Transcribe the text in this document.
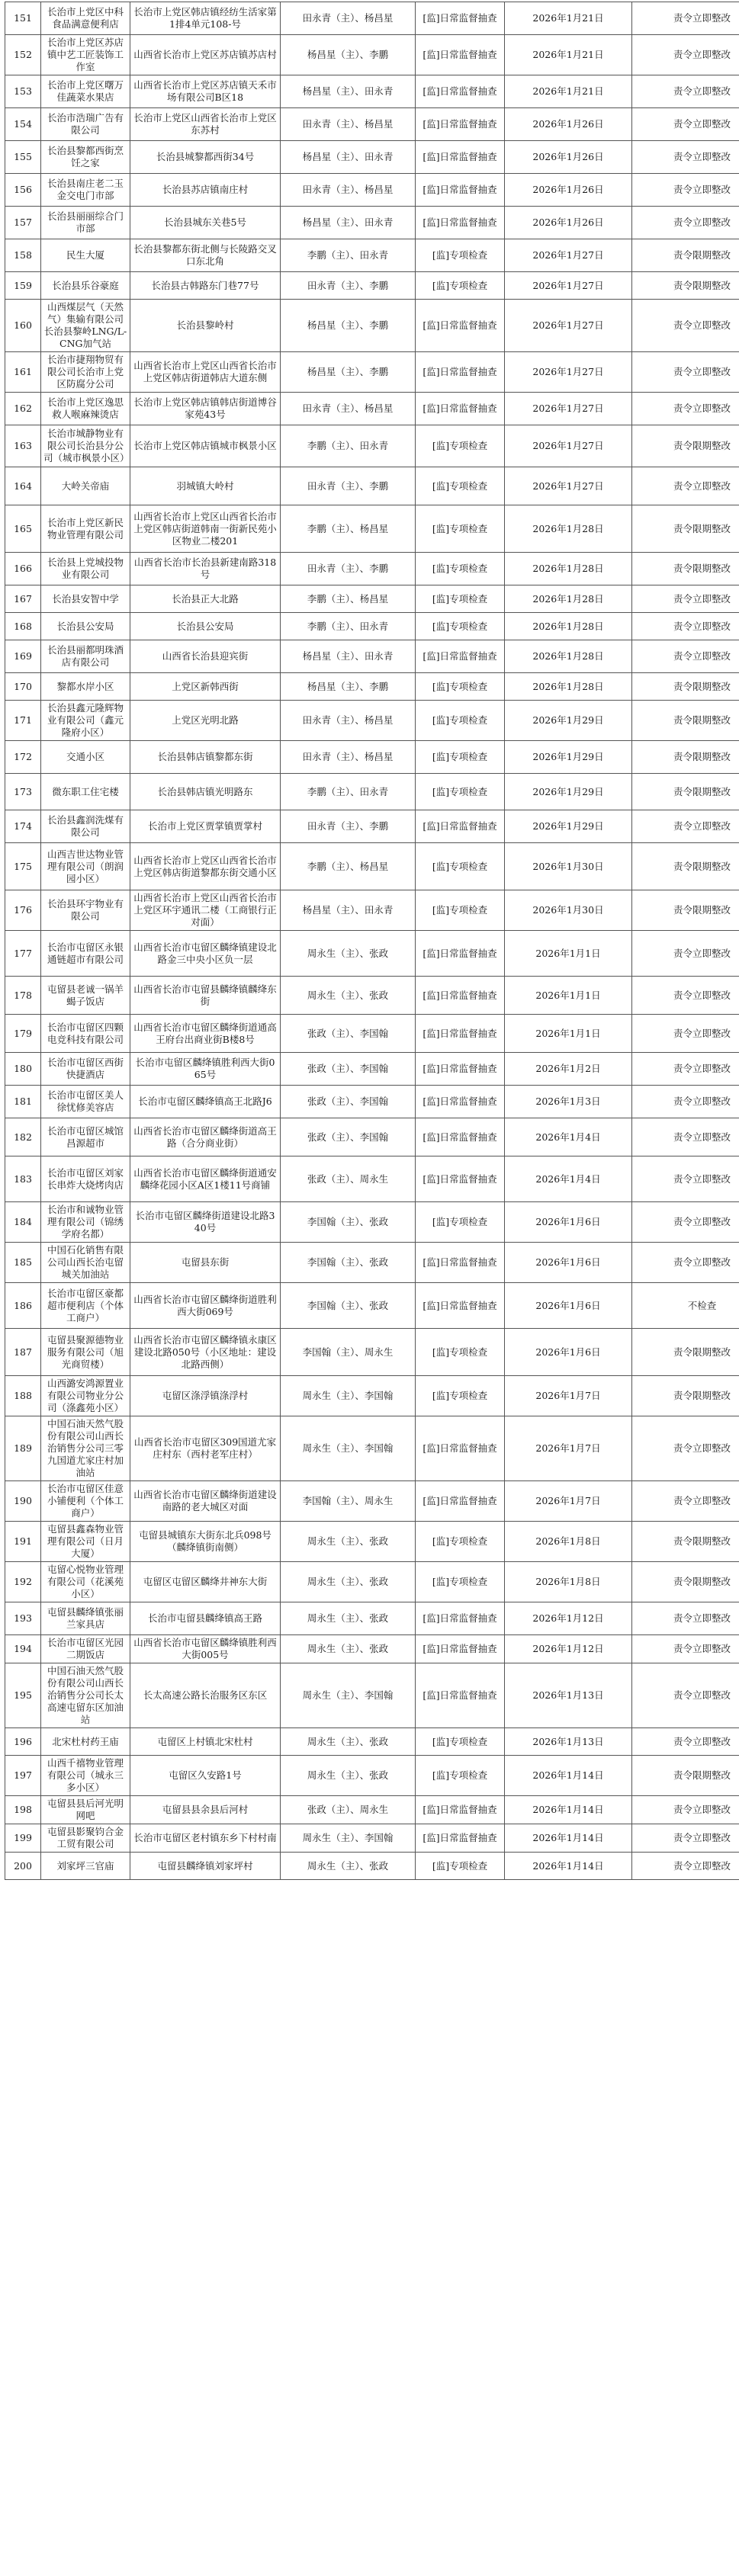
151	长治市上党区中科食品满意便利店	长治市上党区韩店镇经纺生活家第1排4单元108-号	田永青（主）、杨昌星	[监]日常监督抽查	2026年1月21日	责令立即整改
152	长治市上党区苏店镇中艺工匠装饰工作室	山西省长治市上党区苏店镇苏店村	杨昌星（主）、李鹏	[监]日常监督抽查	2026年1月21日	责令立即整改
153	长治市上党区曙万佳蔬菜水果店	山西省长治市上党区苏店镇天禾市场有限公司B区18	杨昌星（主）、田永青	[监]日常监督抽查	2026年1月21日	责令立即整改
154	长治市浩瑞广告有限公司	长治市上党区山西省长治市上党区东苏村	田永青（主）、杨昌星	[监]日常监督抽查	2026年1月26日	责令立即整改
155	长治县黎都西街烹饪之家	长治县城黎都西街34号	杨昌星（主）、田永青	[监]日常监督抽查	2026年1月26日	责令立即整改
156	长治县南庄老二玉金交电门市部	长治县苏店镇南庄村	田永青（主）、杨昌星	[监]日常监督抽查	2026年1月26日	责令立即整改
157	长治县丽丽综合门市部	长治县城东关巷5号	杨昌星（主）、田永青	[监]日常监督抽查	2026年1月26日	责令立即整改
158	民生大厦	长治县黎都东街北侧与长陵路交叉口东北角	李鹏（主）、田永青	[监]专项检查	2026年1月27日	责令限期整改
159	长治县乐谷豪庭	长治县古韩路东门巷77号	田永青（主）、李鹏	[监]专项检查	2026年1月27日	责令限期整改
160	山西煤层气（天然气）集输有限公司长治县黎岭LNG/L-CNG加气站	长治县黎岭村	杨昌星（主）、李鹏	[监]日常监督抽查	2026年1月27日	责令立即整改
161	长治市捷翔物贸有限公司长治市上党区防腐分公司	山西省长治市上党区山西省长治市上党区韩店街道韩店大道东侧	杨昌星（主）、李鹏	[监]日常监督抽查	2026年1月27日	责令立即整改
162	长治市上党区逸思救人喉麻辣烫店	长治市上党区韩店镇韩店街道博谷家苑43号	田永青（主）、杨昌星	[监]日常监督抽查	2026年1月27日	责令立即整改
163	长治市城静物业有限公司长治县分公司（城市枫景小区）	长治市上党区韩店镇城市枫景小区	李鹏（主）、田永青	[监]专项检查	2026年1月27日	责令限期整改
164	大岭关帝庙	羽城镇大岭村	田永青（主）、李鹏	[监]专项检查	2026年1月27日	责令立即整改
165	长治市上党区新民物业管理有限公司	山西省长治市上党区山西省长治市上党区韩店街道韩南一街新民苑小区物业二楼201	李鹏（主）、杨昌星	[监]专项检查	2026年1月28日	责令限期整改
166	长治县上党城投物业有限公司	山西省长治市长治县新建南路318号	田永青（主）、李鹏	[监]专项检查	2026年1月28日	责令限期整改
167	长治县安智中学	长治县正大北路	李鹏（主）、杨昌星	[监]专项检查	2026年1月28日	责令立即整改
168	长治县公安局	长治县公安局	李鹏（主）、田永青	[监]专项检查	2026年1月28日	责令立即整改
169	长治县丽都明珠酒店有限公司	山西省长治县迎宾街	杨昌星（主）、田永青	[监]日常监督抽查	2026年1月28日	责令立即整改
170	黎都水岸小区	上党区新韩西街	杨昌星（主）、李鹏	[监]专项检查	2026年1月28日	责令限期整改
171	长治县鑫元隆辉物业有限公司（鑫元隆府小区）	上党区光明北路	田永青（主）、杨昌星	[监]专项检查	2026年1月29日	责令限期整改
172	交通小区	长治县韩店镇黎都东街	田永青（主）、杨昌星	[监]专项检查	2026年1月29日	责令限期整改
173	微东职工住宅楼	长治县韩店镇光明路东	李鹏（主）、田永青	[监]专项检查	2026年1月29日	责令限期整改
174	长治县鑫润洗煤有限公司	长治市上党区贾掌镇贾掌村	田永青（主）、李鹏	[监]日常监督抽查	2026年1月29日	责令立即整改
175	山西吉世达物业管理有限公司（朗润园小区）	山西省长治市上党区山西省长治市上党区韩店街道黎都东街交通小区	李鹏（主）、杨昌星	[监]专项检查	2026年1月30日	责令限期整改
176	长治县环宇物业有限公司	山西省长治市上党区山西省长治市上党区环宇通讯二楼（工商银行正对面）	杨昌星（主）、田永青	[监]专项检查	2026年1月30日	责令限期整改
177	长治市屯留区永银通链超市有限公司	山西省长治市屯留区麟绛镇建设北路金三中央小区负一层	周永生（主）、张政	[监]日常监督抽查	2026年1月1日	责令立即整改
178	屯留县老诚一锅羊蝎子饭店	山西省长治市屯留县麟绛镇麟绛东街	周永生（主）、张政	[监]日常监督抽查	2026年1月1日	责令立即整改
179	长治市屯留区四颗电竞科技有限公司	山西省长治市屯留区麟绛街道通高王府台出商业街B楼8号	张政（主）、李国翰	[监]日常监督抽查	2026年1月1日	责令立即整改
180	长治市屯留区西街快捷酒店	长治市屯留区麟绛镇胜利西大街065号	张政（主）、李国翰	[监]日常监督抽查	2026年1月2日	责令立即整改
181	长治市屯留区美人徐忧修美容店	长治市屯留区麟绛镇高王北路J6	张政（主）、李国翰	[监]日常监督抽查	2026年1月3日	责令立即整改
182	长治市屯留区城馆昌源超市	山西省长治市屯留区麟绛街道高王路（合分商业街）	张政（主）、李国翰	[监]日常监督抽查	2026年1月4日	责令立即整改
183	长治市屯留区刘家长串炸大烧烤肉店	山西省长治市屯留区麟绛街道通安麟绛花园小区A区1楼11号商铺	张政（主）、周永生	[监]日常监督抽查	2026年1月4日	责令立即整改
184	长治市和诚物业管理有限公司（锦绣学府名都）	长治市屯留区麟绛街道建设北路340号	李国翰（主）、张政	[监]专项检查	2026年1月6日	责令立即整改
185	中国石化销售有限公司山西长治屯留城关加油站	屯留县东街	李国翰（主）、张政	[监]日常监督抽查	2026年1月6日	责令立即整改
186	长治市屯留区豪都超市便利店（个体工商户）	山西省长治市屯留区麟绛街道胜利西大街069号	李国翰（主）、张政	[监]日常监督抽查	2026年1月6日	不检查
187	屯留县聚源德物业服务有限公司（旭光商贸楼）	山西省长治市屯留区麟绛镇永康区建设北路050号（小区地址：建设北路西侧）	李国翰（主）、周永生	[监]专项检查	2026年1月6日	责令限期整改
188	山西潞安鸿源置业有限公司物业分公司（涤鑫苑小区）	屯留区涤浮镇涤浮村	周永生（主）、李国翰	[监]专项检查	2026年1月7日	责令限期整改
189	中国石油天然气股份有限公司山西长治销售分公司三零九国道尤家庄村加油站	山西省长治市屯留区309国道尤家庄村东（西村老军庄村）	周永生（主）、李国翰	[监]日常监督抽查	2026年1月7日	责令立即整改
190	长治市屯留区佳意小铺便利（个体工商户）	山西省长治市屯留区麟绛街道建设南路的老大城区对面	李国翰（主）、周永生	[监]日常监督抽查	2026年1月7日	责令立即整改
191	屯留县鑫森物业管理有限公司（日月大厦）	屯留县城镇东大街东北兵098号（麟绛镇街南侧）	周永生（主）、张政	[监]专项检查	2026年1月8日	责令限期整改
192	屯留心悦物业管理有限公司（花溪苑小区）	屯留区屯留区麟绛井神东大街	周永生（主）、张政	[监]专项检查	2026年1月8日	责令限期整改
193	屯留县麟绛镇张丽兰家具店	长治市屯留县麟绛镇高王路	周永生（主）、张政	[监]日常监督抽查	2026年1月12日	责令立即整改
194	长治市屯留区光园二期饭店	山西省长治市屯留区麟绛镇胜利西大街005号	周永生（主）、张政	[监]日常监督抽查	2026年1月12日	责令立即整改
195	中国石油天然气股份有限公司山西长治销售分公司长太高速屯留东区加油站	长太高速公路长治服务区东区	周永生（主）、李国翰	[监]日常监督抽查	2026年1月13日	责令立即整改
196	北宋杜村药王庙	屯留区上村镇北宋杜村	周永生（主）、张政	[监]专项检查	2026年1月13日	责令立即整改
197	山西千禧物业管理有限公司（城永三多小区）	屯留区久安路1号	周永生（主）、张政	[监]专项检查	2026年1月14日	责令限期整改
198	屯留县县后河光明网吧	屯留县县余县后河村	张政（主）、周永生	[监]日常监督抽查	2026年1月14日	责令立即整改
199	屯留县影聚钧合金工贸有限公司	长治市屯留区老村镇东乡下村村南	周永生（主）、李国翰	[监]日常监督抽查	2026年1月14日	责令立即整改
200	刘家坪三官庙	屯留县麟绛镇刘家坪村	周永生（主）、张政	[监]专项检查	2026年1月14日	责令立即整改
